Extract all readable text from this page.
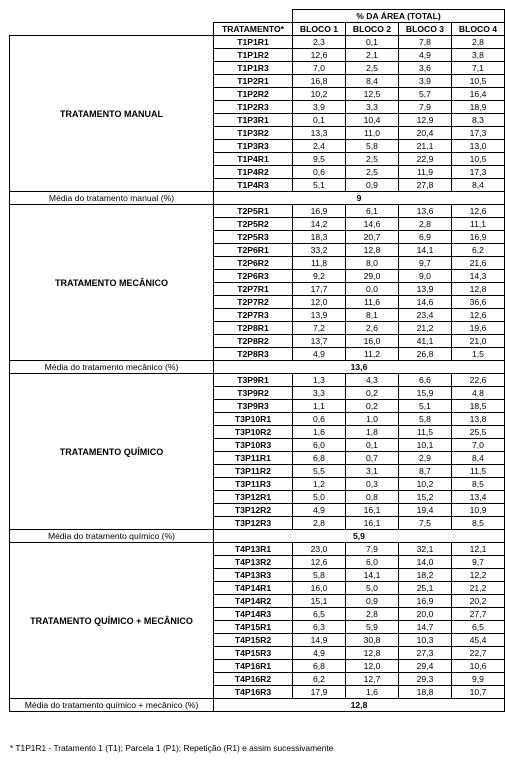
		% DA ÁREA (TOTAL)			
	TRATAMENTO*	BLOCO 1	BLOCO 2	BLOCO 3	BLOCO 4
TRATAMENTO MANUAL	T1P1R1	2,3	0,1	7,8	2,8
	T1P1R2	12,6	2,1	4,9	3,8
	T1P1R3	7,0	2,5	3,6	7,1
	T1P2R1	16,8	8,4	3,9	10,5
	T1P2R2	10,2	12,5	5,7	16,4
	T1P2R3	3,9	3,3	7,9	18,9
	T1P3R1	0,1	10,4	12,9	8,3
	T1P3R2	13,3	11,0	20,4	17,3
	T1P3R3	2,4	5,8	21,1	13,0
	T1P4R1	9,5	2,5	22,9	10,5
	T1P4R2	0,6	2,5	11,9	17,3
	T1P4R3	5,1	0,9	27,8	8,4
Média do tratamento manual (%)	9				
TRATAMENTO MECÂNICO	T2P5R1	16,9	6,1	13,6	12,6
	T2P5R2	14,2	14,6	2,8	11,1
	T2P5R3	18,3	20,7	6,9	16,9
	T2P6R1	33,2	12,8	14,1	6,2
	T2P6R2	11,8	8,0	9,7	21,6
	T2P6R3	9,2	29,0	9,0	14,3
	T2P7R1	17,7	0,0	13,9	12,8
	T2P7R2	12,0	11,6	14,6	36,6
	T2P7R3	13,9	8,1	23,4	12,6
	T2P8R1	7,2	2,6	21,2	19,6
	T2P8R2	13,7	16,0	41,1	21,0
	T2P8R3	4,9	11,2	26,8	1,5
Média do tratamento mecânico (%)	13,6				
TRATAMENTO QUÍMICO	T3P9R1	1,3	4,3	6,6	22,6
	T3P9R2	3,3	0,2	15,9	4,8
	T3P9R3	1,1	0,2	5,1	18,5
	T3P10R1	0,6	1,0	5,8	13,8
	T3P10R2	1,6	1,8	11,5	25,5
	T3P10R3	6,0	0,1	10,1	7,0
	T3P11R1	6,8	0,7	2,9	8,4
	T3P11R2	5,5	3,1	8,7	11,5
	T3P11R3	1,2	0,3	10,2	8,5
	T3P12R1	5,0	0,8	15,2	13,4
	T3P12R2	4,9	16,1	19,4	10,9
	T3P12R3	2,8	16,1	7,5	8,5
Média do tratamento químico (%)	5,9				
TRATAMENTO QUÍMICO + MECÂNICO	T4P13R1	23,0	7,9	32,1	12,1
	T4P13R2	12,6	6,0	14,0	9,7
	T4P13R3	5,8	14,1	18,2	12,2
	T4P14R1	16,0	5,0	25,1	21,2
	T4P14R2	15,1	0,9	16,9	20,2
	T4P14R3	6,5	2,8	20,0	27,7
	T4P15R1	6,3	5,9	14,7	6,5
	T4P15R2	14,9	30,8	10,3	45,4
	T4P15R3	4,9	12,8	27,3	22,7
	T4P16R1	6,8	12,0	29,4	10,6
	T4P16R2	6,2	12,7	29,3	9,9
	T4P16R3	17,9	1,6	18,8	10,7
Média do tratamento químico + mecânico (%)	12,8				
* T1P1R1 - Tratamento 1 (T1); Parcela 1 (P1); Repetição (R1) e assim sucessivamente
